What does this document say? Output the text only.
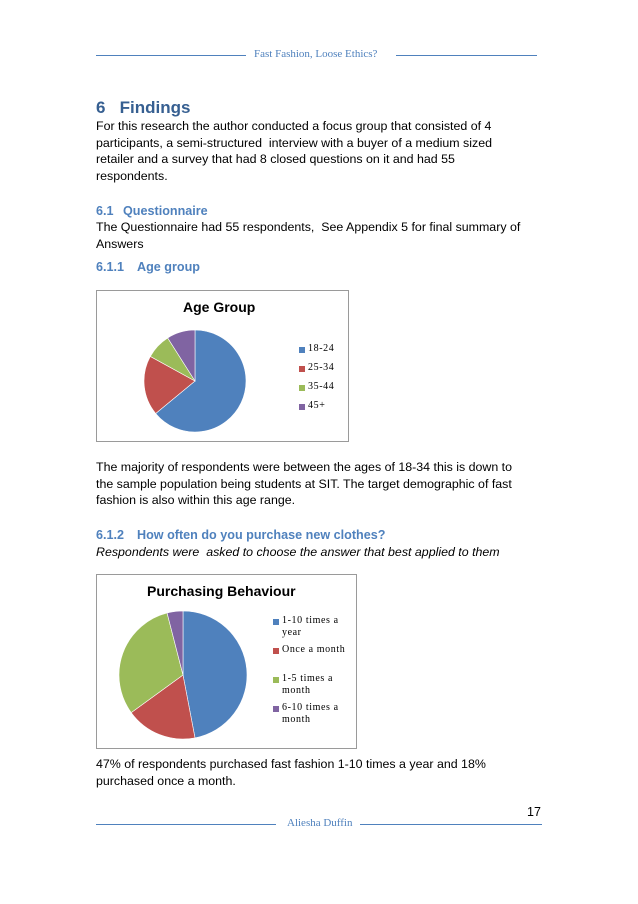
Fast Fashion, Loose Ethics?
6   Findings
For this research the author conducted a focus group that consisted of 4
participants, a semi-structured  interview with a buyer of a medium sized
retailer and a survey that had 8 closed questions on it and had 55
respondents.
6.1 Questionnaire
The Questionnaire had 55 respondents,  See Appendix 5 for final summary of
Answers
6.1.1 Age group
Age Group
18-24
25-34
35-44
45+
The majority of respondents were between the ages of 18-34 this is down to
the sample population being students at SIT. The target demographic of fast
fashion is also within this age range.
6.1.2 How often do you purchase new clothes?
Respondents were  asked to choose the answer that best applied to them
Purchasing Behaviour
1-10 times a
year
Once a month
1-5 times a
month
6-10 times a
month
47% of respondents purchased fast fashion 1-10 times a year and 18%
purchased once a month.
17
Aliesha Duffin
